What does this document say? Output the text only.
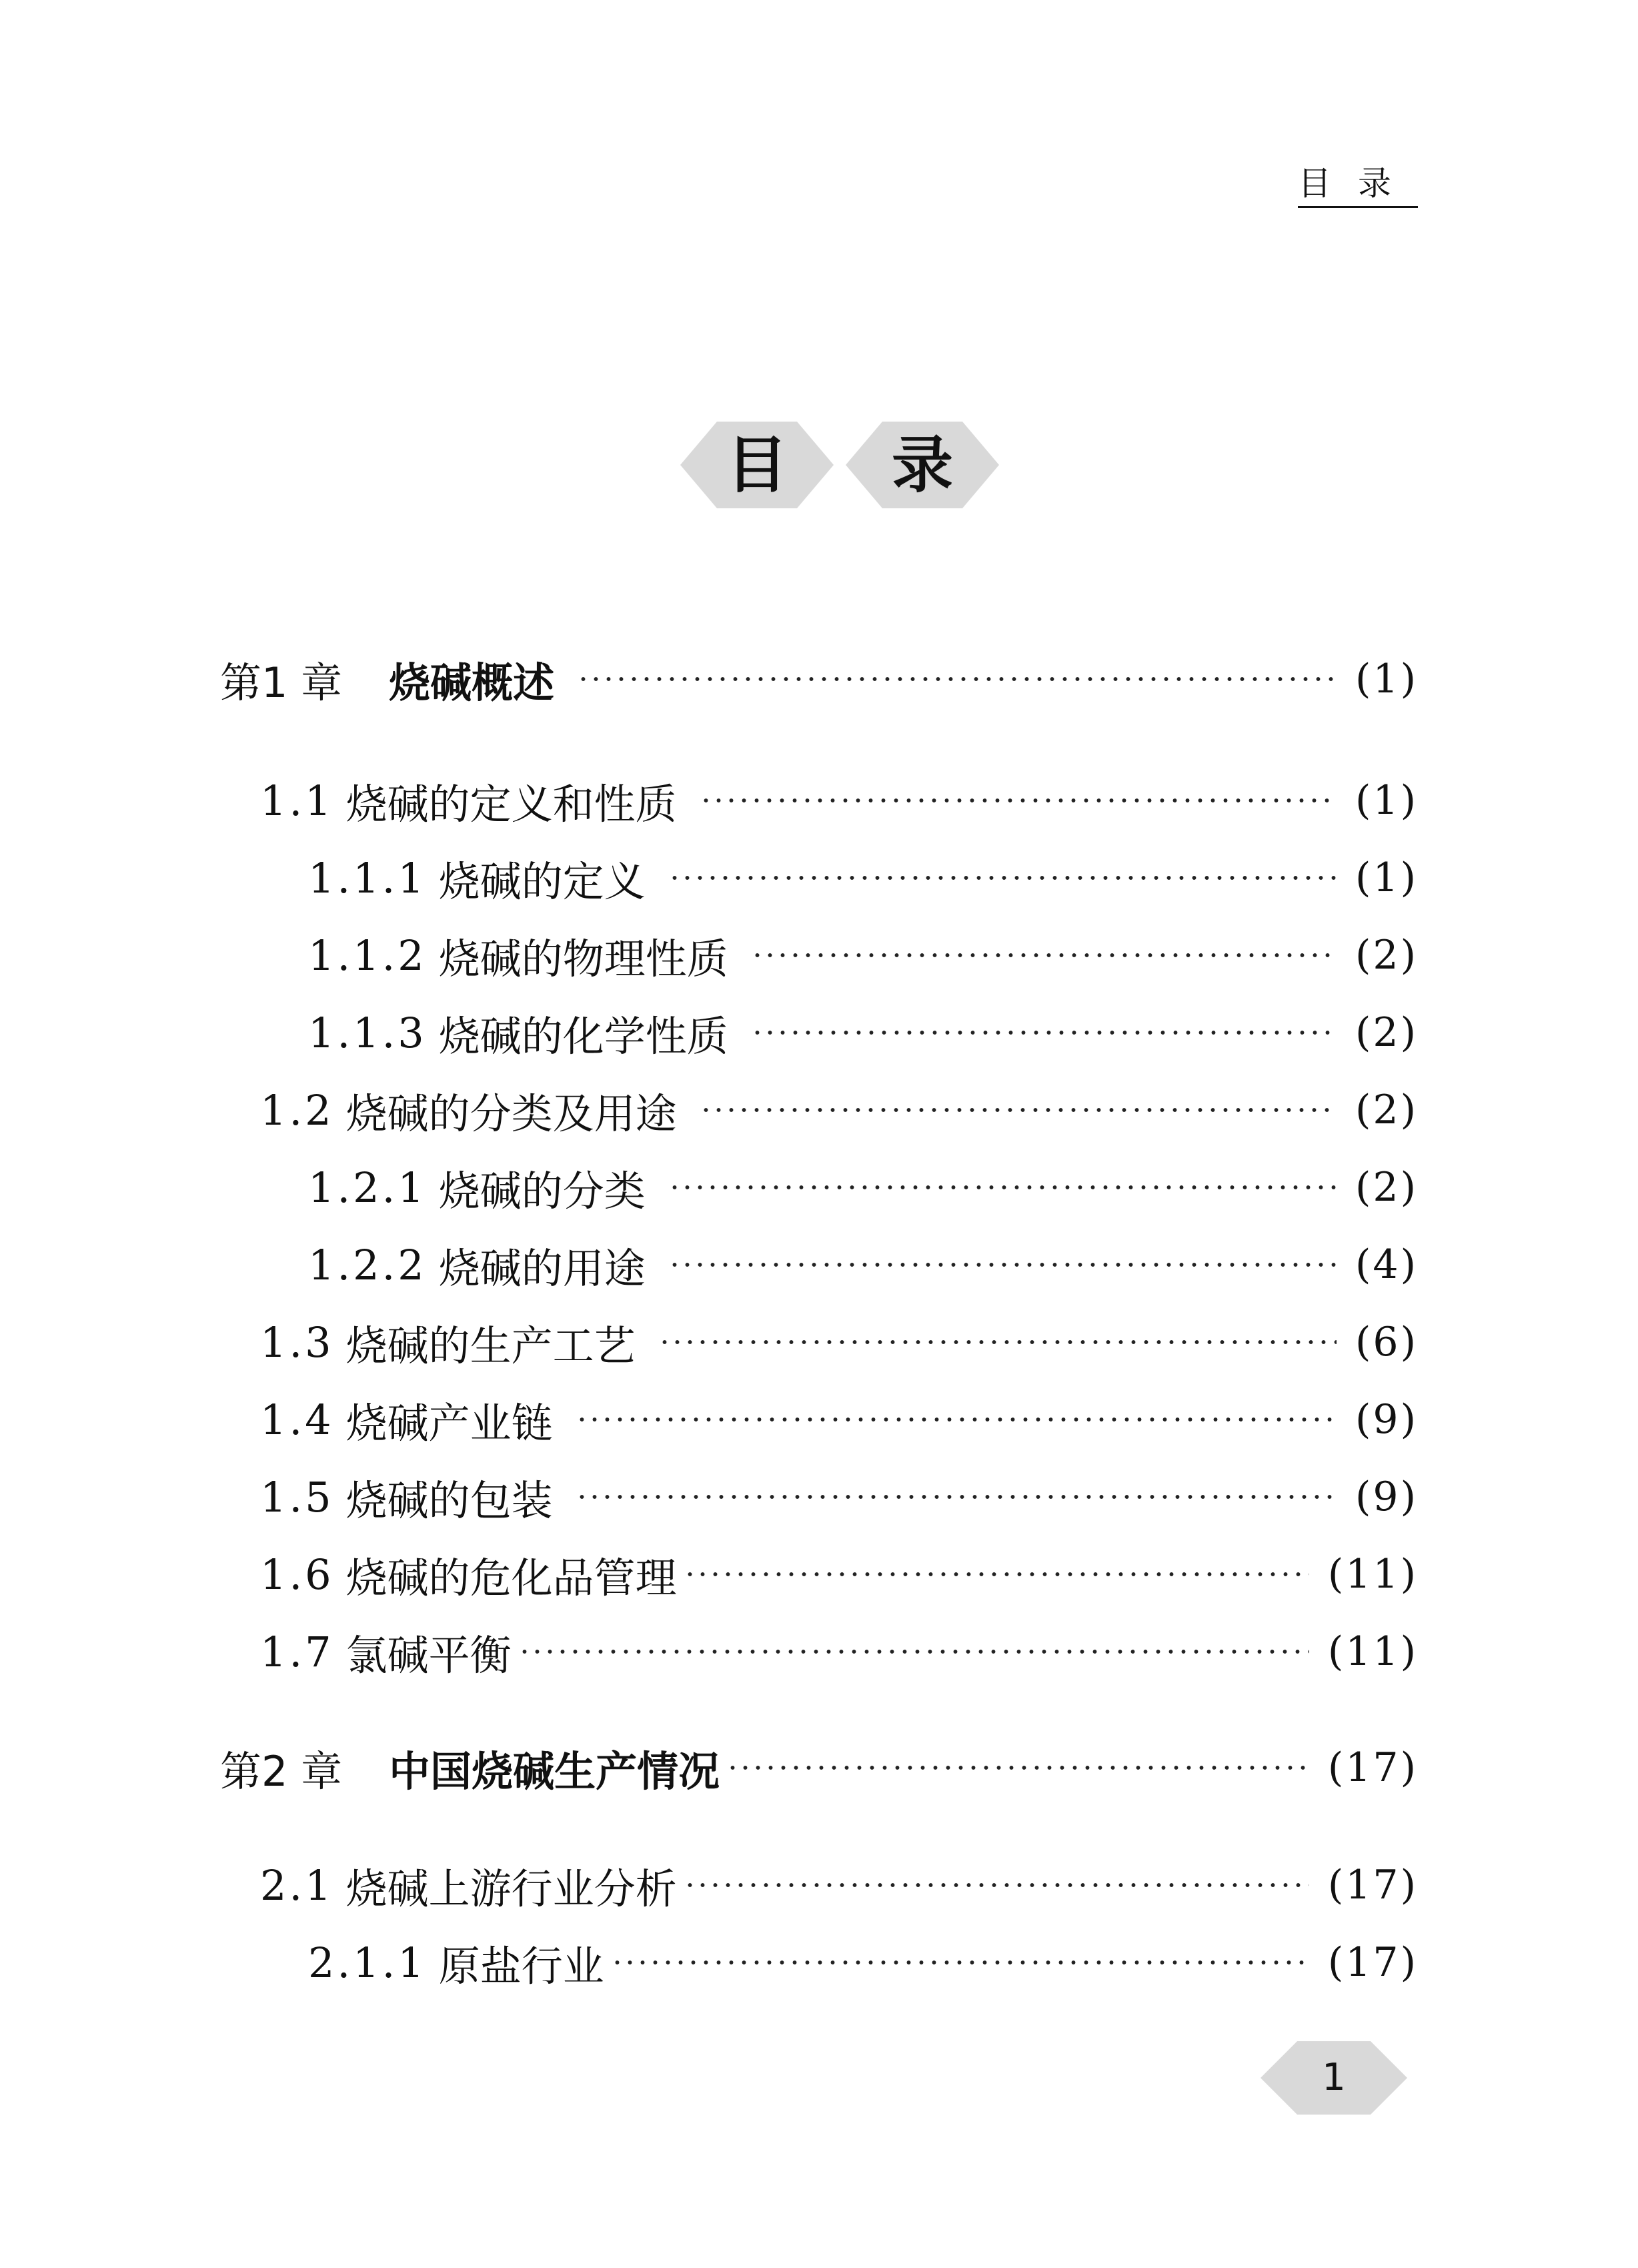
目录
目	录
第1 章 烧碱概述	(1)
1.1 烧碱的定义和性质	(1)
1.1.1 烧碱的定义	(1)
1.1.2 烧碱的物理性质	(2)
1.1.3 烧碱的化学性质	(2)
1.2 烧碱的分类及用途	(2)
1.2.1 烧碱的分类	(2)
1.2.2 烧碱的用途	(4)
1.3 烧碱的生产工艺	(6)
1.4 烧碱产业链	(9)
1.5 烧碱的包装	(9)
1.6 烧碱的危化品管理	(11)
1.7 氯碱平衡	(11)
第2 章 中国烧碱生产情况	(17)
2.1 烧碱上游行业分析	(17)
2.1.1 原盐行业	(17)
1
